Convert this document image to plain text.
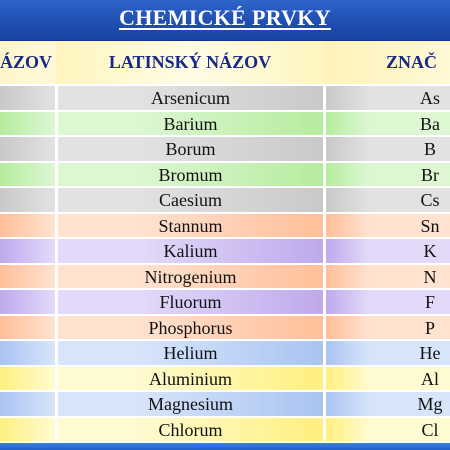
CHEMICKÉ PRVKY
ÁZOV	LATINSKÝ NÁZOV	ZNAČ
Arsenicum	As
Barium	Ba
Borum	B
Bromum	Br
Caesium	Cs
Stannum	Sn
Kalium	K
Nitrogenium	N
Fluorum	F
Phosphorus	P
Helium	He
Aluminium	Al
Magnesium	Mg
Chlorum	Cl
